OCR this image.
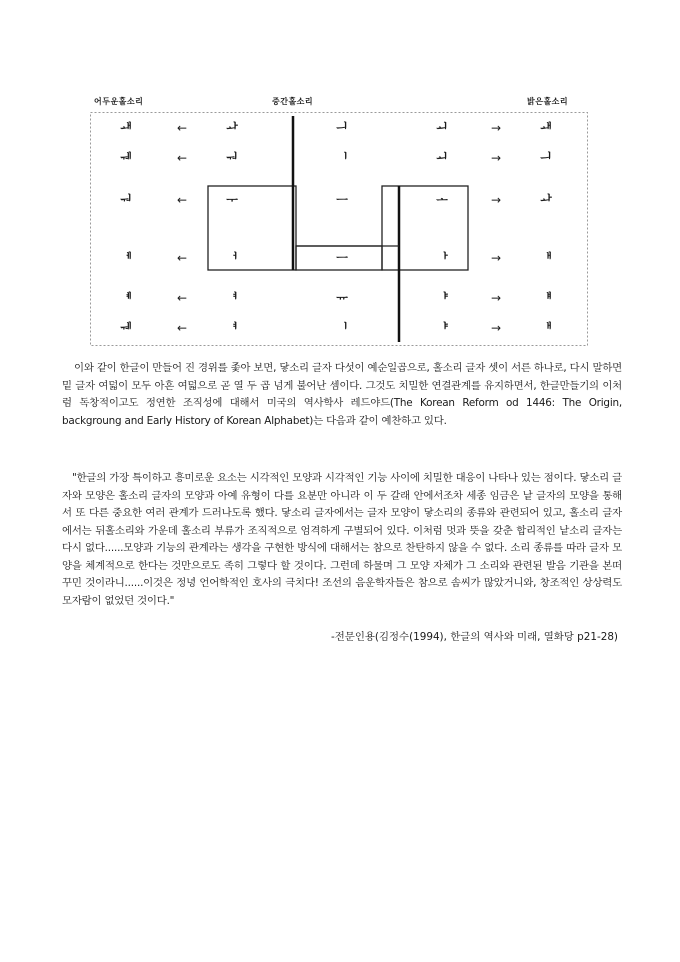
어두운홀소리	중간홀소리	밝은홀소리
ᅫ	←	ᅪ	ᅴ	ᅬ	→	ᅫ
ᅰ	←	ᅯ	ᅵ	ᅬ	→	ᅴ
ᅯ	←	ᅮ	ㅡ	ᅩ	→	ᅪ
ᅦ	←	ᅥ	ㅡ	ᅡ	→	ᅢ
ᅨ	←	ᅧ	ᅲ	ᅣ	→	ᅤ
ᅰ	←	ᅧ	ᅵ	ᅣ	→	ᅢ

이와 같이 한글이 만들어 진 경위를 좇아 보면, 닿소리 글자 다섯이 예순일곱으로, 홀소리 글자 셋이 서른 하나로, 다시 말하면 밑 글자 여덟이 모두 아흔 여덟으로 곧 열 두 곱 넘게 불어난 셈이다. 그것도 치밀한 연결관계를 유지하면서, 한글만들기의 이처럼 독창적이고도 정연한 조직성에 대해서 미국의 역사학사 레드야드(The Korean Reform od 1446: The Origin, backgroung and Early History of Korean Alphabet)는 다음과 같이 예찬하고 있다.

"한글의 가장 특이하고 흥미로운 요소는 시각적인 모양과 시각적인 기능 사이에 치밀한 대응이 나타나 있는 점이다. 닿소리 글자와 모양은 홀소리 글자의 모양과 아예 유형이 다를 요분만 아니라 이 두 갈래 안에서조차 세종 임금은 낱 글자의 모양을 통해서 또 다른 중요한 여러 관계가 드러나도록 했다. 닿소리 글자에서는 글자 모양이 닿소리의 종류와 관련되어 있고, 홀소리 글자에서는 뒤홀소리와 가운데 홀소리 부류가 조직적으로 엄격하게 구별되어 있다. 이처럼 멋과 뜻을 갖춘 합리적인 낱소리 글자는 다시 없다......모양과 기능의 관계라는 생각을 구현한 방식에 대해서는 참으로 찬탄하지 않을 수 없다. 소리 종류를 따라 글자 모양을 체계적으로 한다는 것만으로도 족히 그렇다 할 것이다. 그런데 하물며 그 모양 자체가 그 소리와 관련된 발음 기관을 본떠 꾸민 것이라니......이것은 정녕 언어학적인 호사의 극치다! 조선의 음운학자들은 참으로 솜씨가 많았거니와, 창조적인 상상력도 모자람이 없었던 것이다."

-전문인용(김정수(1994), 한글의 역사와 미래, 열화당 p21-28)
